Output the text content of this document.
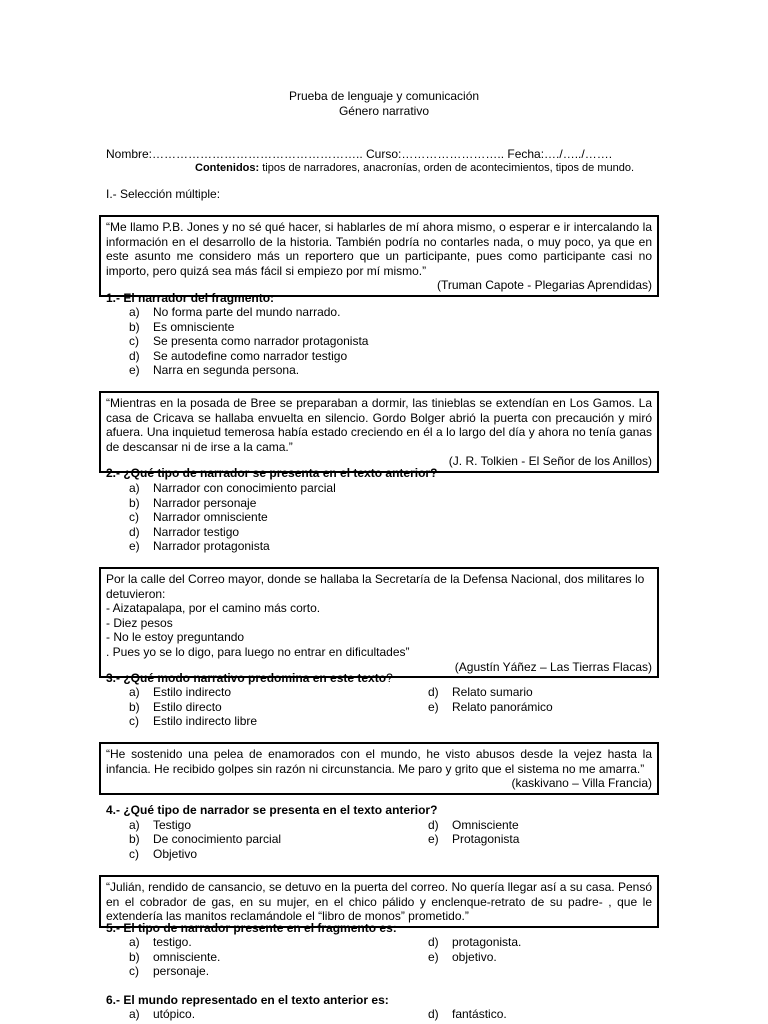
Prueba de lenguaje y comunicación
Género narrativo
Nombre:…………………………………………….. Curso:…………………….. Fecha:…./…../…….
Contenidos: tipos de narradores, anacronías, orden de acontecimientos, tipos de mundo.
I.- Selección múltiple:
“Me llamo P.B. Jones y no sé qué hacer, si hablarles de mí ahora mismo, o esperar e ir intercalando la información en el desarrollo de la historia. También podría no contarles nada, o muy poco, ya que en este asunto me considero más un reportero que un participante, pues como participante casi no importo, pero quizá sea más fácil si empiezo por mí mismo.”
(Truman Capote - Plegarias Aprendidas)
1.- El narrador del fragmento:
a) No forma parte del mundo narrado.
b) Es omnisciente
c) Se presenta como narrador protagonista
d) Se autodefine como narrador testigo
e) Narra en segunda persona.
“Mientras en la posada de Bree se preparaban a dormir, las tinieblas se extendían en Los Gamos. La casa de Cricava se hallaba envuelta en silencio. Gordo Bolger abrió la puerta con precaución y miró afuera. Una inquietud temerosa había estado creciendo en él a lo largo del día y ahora no tenía ganas de descansar ni de irse a la cama.”
(J. R. Tolkien - El Señor de los Anillos)
2.- ¿Qué tipo de narrador se presenta en el texto anterior?
a) Narrador con conocimiento parcial
b) Narrador personaje
c) Narrador omnisciente
d) Narrador testigo
e) Narrador protagonista
Por la calle del Correo mayor, donde se hallaba la Secretaría de la Defensa Nacional, dos militares lo detuvieron:
- Aizatapalapa, por el camino más corto.
- Diez pesos
- No le estoy preguntando
. Pues yo se lo digo, para luego no entrar en dificultades”
(Agustín Yáñez – Las Tierras Flacas)
3.- ¿Qué modo narrativo predomina en este texto?
a) Estilo indirecto
b) Estilo directo
c) Estilo indirecto libre
d) Relato sumario
e) Relato panorámico
“He sostenido una pelea de enamorados con el mundo, he visto abusos desde la vejez hasta la infancia. He recibido golpes sin razón ni circunstancia. Me paro y grito que el sistema no me amarra.”
(kaskivano – Villa Francia)
4.- ¿Qué tipo de narrador se presenta en el texto anterior?
a) Testigo
b) De conocimiento parcial
c) Objetivo
d) Omnisciente
e) Protagonista
“Julián, rendido de cansancio, se detuvo en la puerta del correo. No quería llegar así a su casa. Pensó en el cobrador de gas, en su mujer, en el chico pálido y enclenque-retrato de su padre- , que le extendería las manitos reclamándole el “libro de monos” prometido.”
5.- El tipo de narrador presente en el fragmento es:
a) testigo.
b) omnisciente.
c) personaje.
d) protagonista.
e) objetivo.
6.- El mundo representado en el texto anterior es:
a) utópico.	d) fantástico.
